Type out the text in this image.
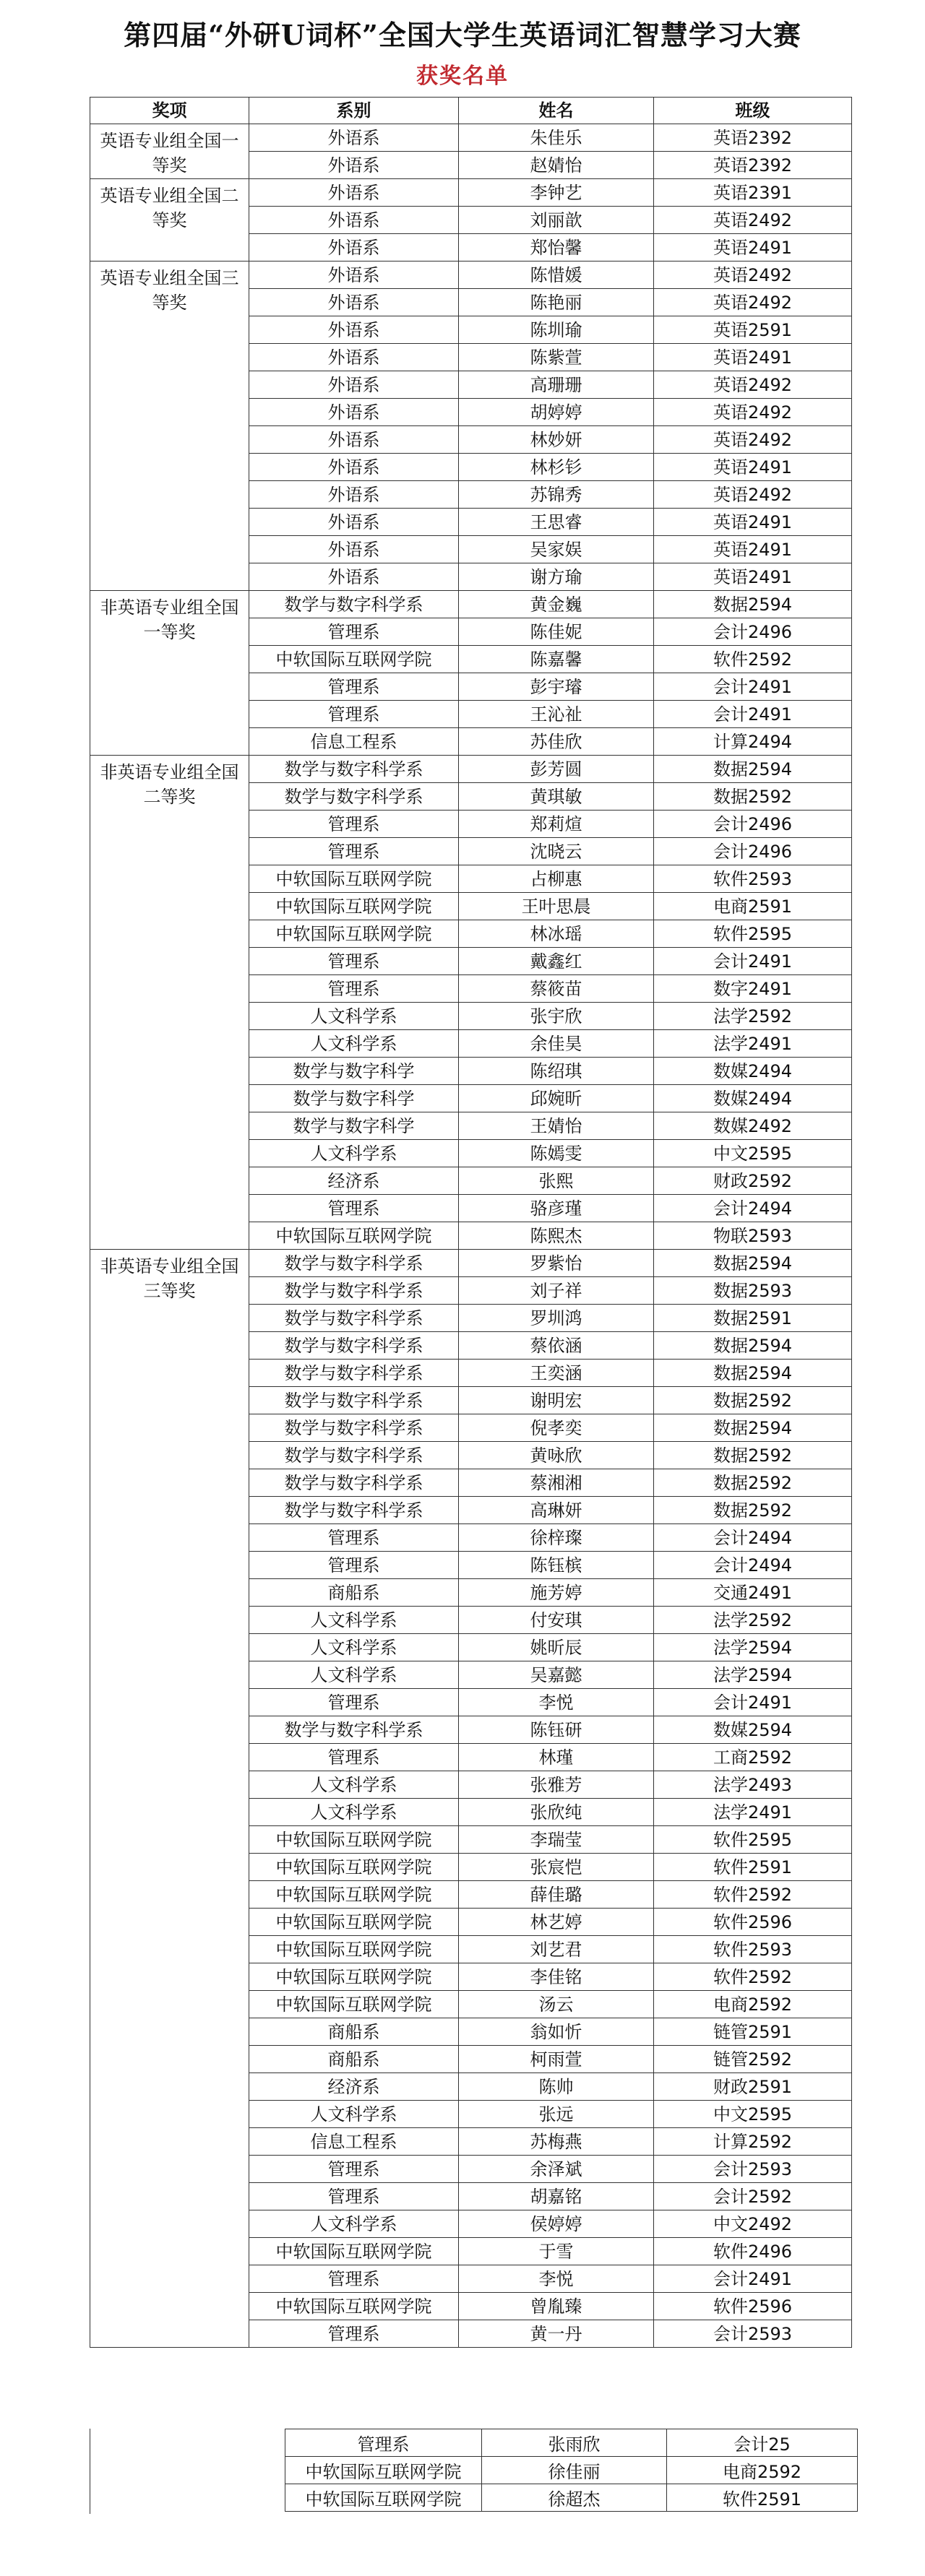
第四届“外研U词杯”全国大学生英语词汇智慧学习大赛
获奖名单
奖项	系别	姓名	班级
英语专业组全国一等奖	外语系	朱佳乐	英语2392
	外语系	赵婧怡	英语2392
英语专业组全国二等奖	外语系	李钟艺	英语2391
	外语系	刘丽歆	英语2492
	外语系	郑怡馨	英语2491
英语专业组全国三等奖	外语系	陈惜媛	英语2492
	外语系	陈艳丽	英语2492
	外语系	陈圳瑜	英语2591
	外语系	陈紫萱	英语2491
	外语系	高珊珊	英语2492
	外语系	胡婷婷	英语2492
	外语系	林妙妍	英语2492
	外语系	林杉钐	英语2491
	外语系	苏锦秀	英语2492
	外语系	王思睿	英语2491
	外语系	吴家娱	英语2491
	外语系	谢方瑜	英语2491
非英语专业组全国一等奖	数学与数字科学系	黄金巍	数据2594
	管理系	陈佳妮	会计2496
	中软国际互联网学院	陈嘉馨	软件2592
	管理系	彭宇璿	会计2491
	管理系	王沁祉	会计2491
	信息工程系	苏佳欣	计算2494
非英语专业组全国二等奖	数学与数字科学系	彭芳圆	数据2594
	数学与数字科学系	黄琪敏	数据2592
	管理系	郑莉煊	会计2496
	管理系	沈晓云	会计2496
	中软国际互联网学院	占柳惠	软件2593
	中软国际互联网学院	王叶思晨	电商2591
	中软国际互联网学院	林冰瑶	软件2595
	管理系	戴鑫红	会计2491
	管理系	蔡筱苗	数字2491
	人文科学系	张宇欣	法学2592
	人文科学系	余佳昊	法学2491
	数学与数字科学	陈绍琪	数媒2494
	数学与数字科学	邱婉昕	数媒2494
	数学与数字科学	王婧怡	数媒2492
	人文科学系	陈嫣雯	中文2595
	经济系	张熙	财政2592
	管理系	骆彦瑾	会计2494
	中软国际互联网学院	陈熙杰	物联2593
非英语专业组全国三等奖	数学与数字科学系	罗紫怡	数据2594
	数学与数字科学系	刘子祥	数据2593
	数学与数字科学系	罗圳鸿	数据2591
	数学与数字科学系	蔡依涵	数据2594
	数学与数字科学系	王奕涵	数据2594
	数学与数字科学系	谢明宏	数据2592
	数学与数字科学系	倪孝奕	数据2594
	数学与数字科学系	黄咏欣	数据2592
	数学与数字科学系	蔡湘湘	数据2592
	数学与数字科学系	高琳妍	数据2592
	管理系	徐梓璨	会计2494
	管理系	陈钰槟	会计2494
	商船系	施芳婷	交通2491
	人文科学系	付安琪	法学2592
	人文科学系	姚昕辰	法学2594
	人文科学系	吴嘉懿	法学2594
	管理系	李悦	会计2491
	数学与数字科学系	陈钰研	数媒2594
	管理系	林瑾	工商2592
	人文科学系	张雅芳	法学2493
	人文科学系	张欣纯	法学2491
	中软国际互联网学院	李瑞莹	软件2595
	中软国际互联网学院	张宸恺	软件2591
	中软国际互联网学院	薛佳璐	软件2592
	中软国际互联网学院	林艺婷	软件2596
	中软国际互联网学院	刘艺君	软件2593
	中软国际互联网学院	李佳铭	软件2592
	中软国际互联网学院	汤云	电商2592
	商船系	翁如忻	链管2591
	商船系	柯雨萱	链管2592
	经济系	陈帅	财政2591
	人文科学系	张远	中文2595
	信息工程系	苏梅燕	计算2592
	管理系	余泽斌	会计2593
	管理系	胡嘉铭	会计2592
	人文科学系	侯婷婷	中文2492
	中软国际互联网学院	于雪	软件2496
	管理系	李悦	会计2491
	中软国际互联网学院	曾胤臻	软件2596
	管理系	黄一丹	会计2593
管理系	张雨欣	会计25
中软国际互联网学院	徐佳丽	电商2592
中软国际互联网学院	徐超杰	软件2591
